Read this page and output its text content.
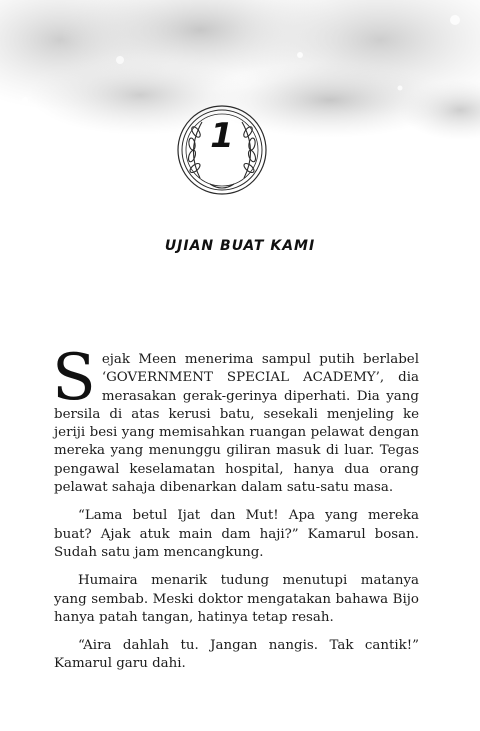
1
UJIAN BUAT KAMI

Sejak Meen menerima sampul putih berlabel ‘GOVERNMENT SPECIAL ACADEMY’, dia merasakan gerak-gerinya diperhati. Dia yang bersila di atas kerusi batu, sesekali menjeling ke jeriji besi yang memisahkan ruangan pelawat dengan mereka yang menunggu giliran masuk di luar. Tegas pengawal keselamatan hospital, hanya dua orang pelawat sahaja dibenarkan dalam satu-satu masa.

“Lama betul Ijat dan Mut! Apa yang mereka buat? Ajak atuk main dam haji?” Kamarul bosan. Sudah satu jam mencangkung.

Humaira menarik tudung menutupi matanya yang sembab. Meski doktor mengatakan bahawa Bijo hanya patah tangan, hatinya tetap resah.

“Aira dahlah tu. Jangan nangis. Tak cantik!” Kamarul garu dahi.
